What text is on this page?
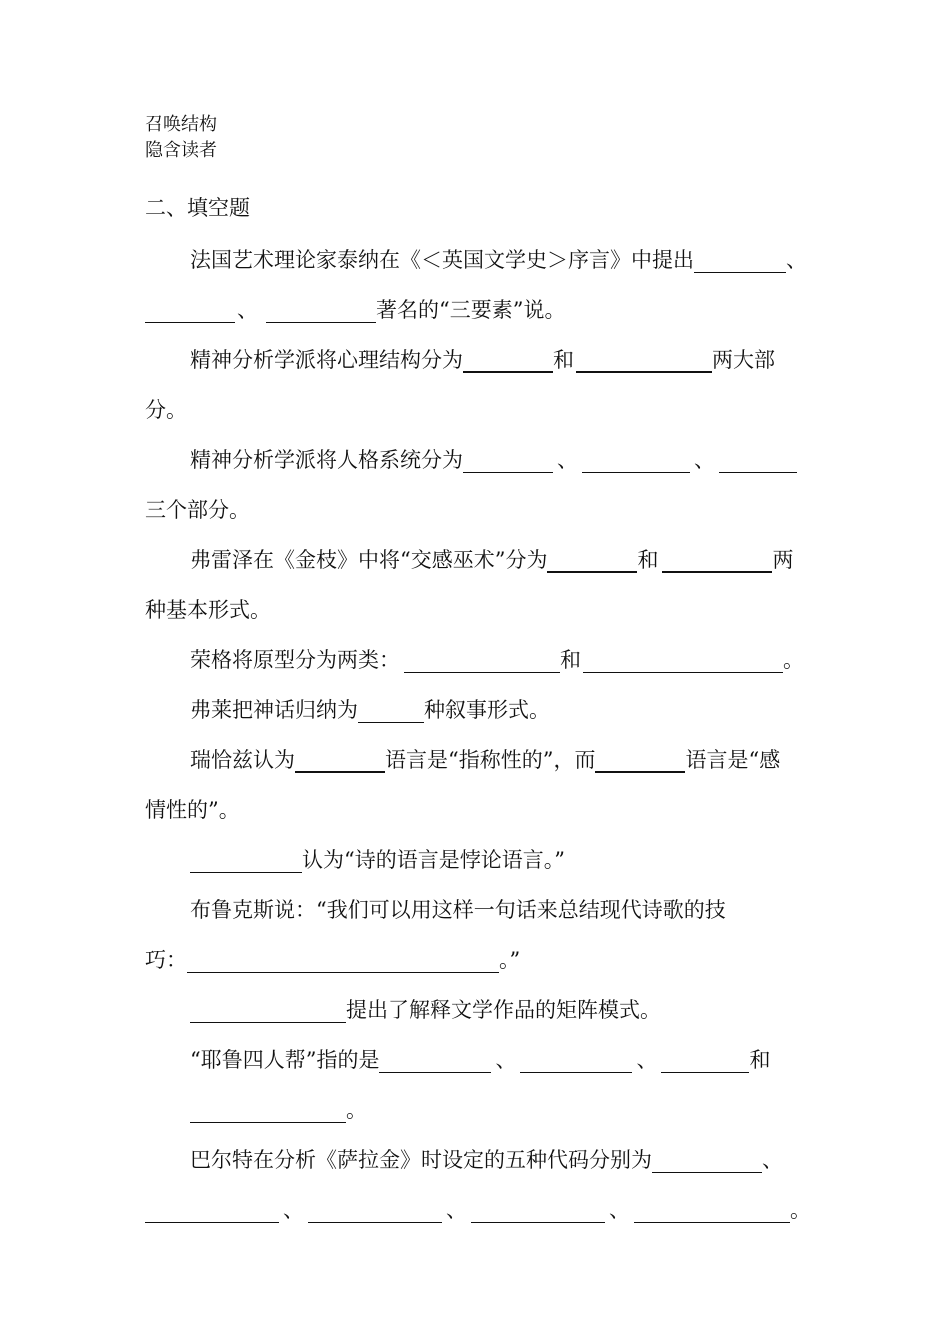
召唤结构
隐含读者
二、填空题
法国艺术理论家泰纳在《＜英国文学史＞序言》中提出	、
、	著名的“三要素”说。
精神分析学派将心理结构分为	和	两大部
分。
精神分析学派将人格系统分为	、	、
三个部分。
弗雷泽在《金枝》中将“交感巫术”分为	和	两
种基本形式。
荣格将原型分为两类：	和	。
弗莱把神话归纳为	种叙事形式。
瑞恰兹认为	语言是“指称性的”，而	语言是“感
情性的”。
认为“诗的语言是悖论语言。”
布鲁克斯说：“我们可以用这样一句话来总结现代诗歌的技
巧：	。”
提出了解释文学作品的矩阵模式。
“耶鲁四人帮”指的是	、	、	和
。
巴尔特在分析《萨拉金》时设定的五种代码分别为	、
、	、	、	。
